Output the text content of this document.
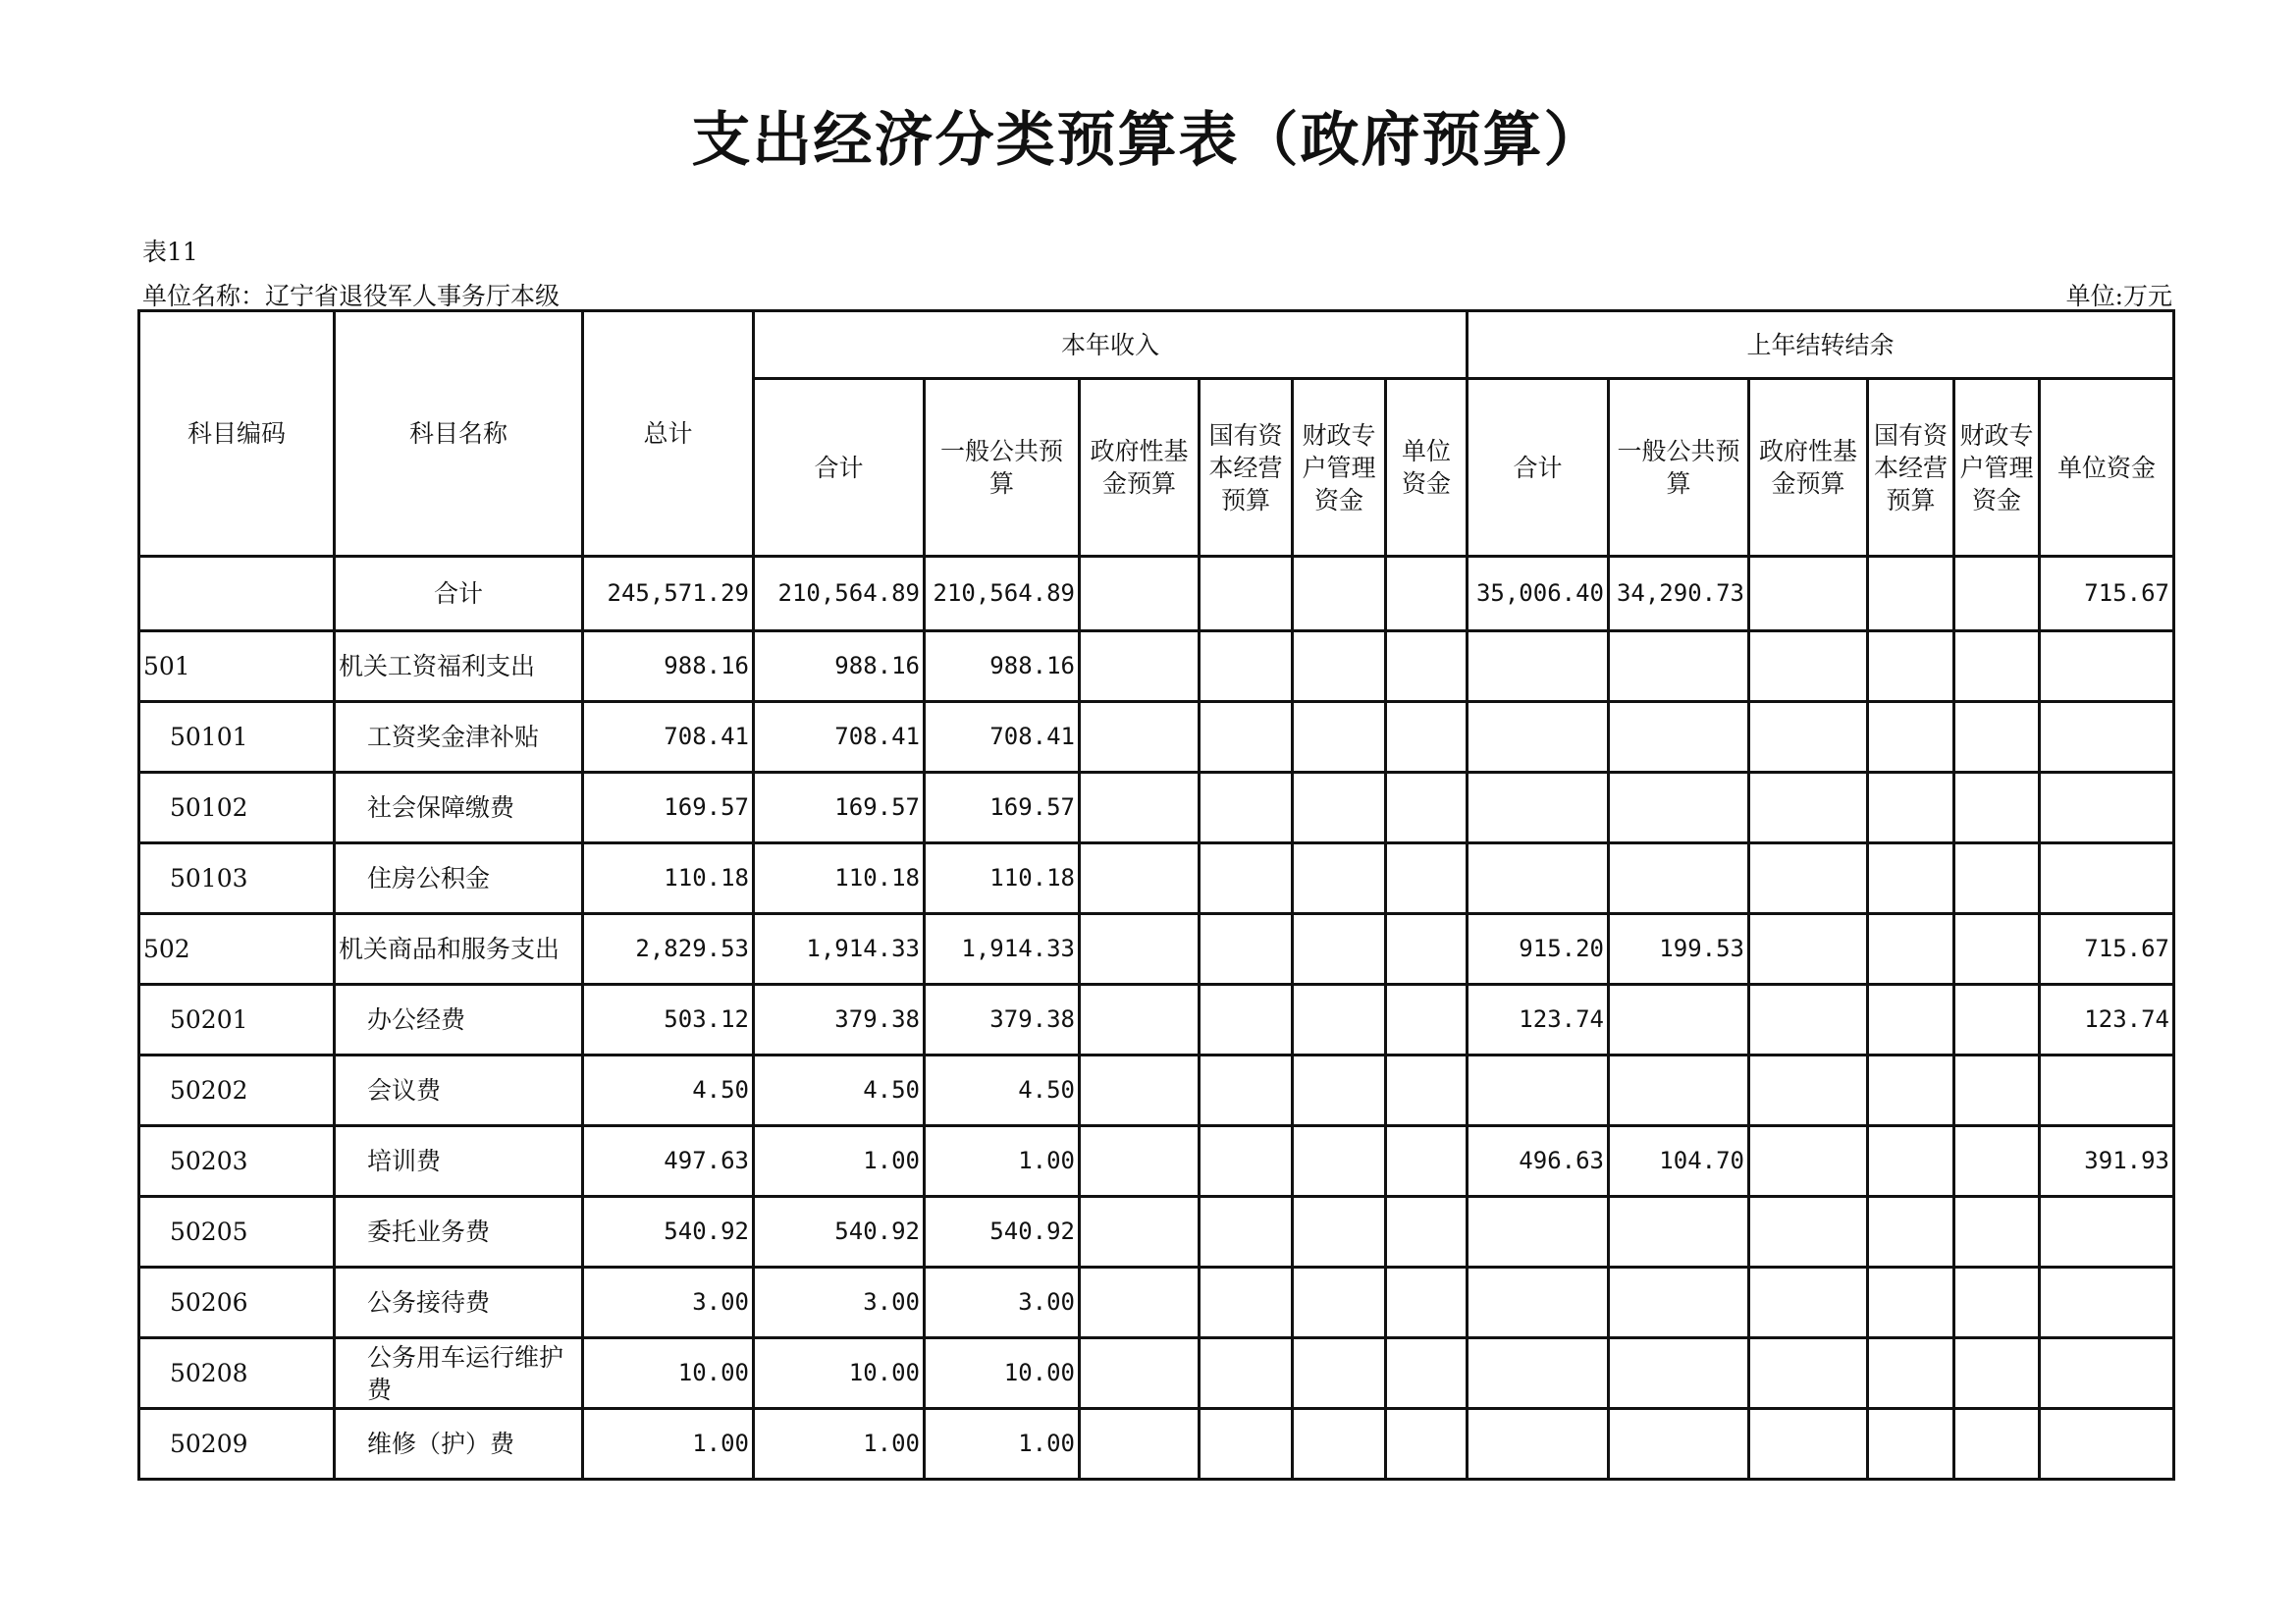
支出经济分类预算表（政府预算）
表11
单位名称：辽宁省退役军人事务厅本级	单位:万元
科目编码	科目名称	总计	本年收入						上年结转结余					
			合计	一般公共预算	政府性基金预算	国有资本经营预算	财政专户管理资金	单位资金	合计	一般公共预算	政府性基金预算	国有资本经营预算	财政专户管理资金	单位资金
	合计	245,571.29	210,564.89	210,564.89					35,006.40	34,290.73				715.67
501	机关工资福利支出	988.16	988.16	988.16										
50101	工资奖金津补贴	708.41	708.41	708.41										
50102	社会保障缴费	169.57	169.57	169.57										
50103	住房公积金	110.18	110.18	110.18										
502	机关商品和服务支出	2,829.53	1,914.33	1,914.33					915.20	199.53				715.67
50201	办公经费	503.12	379.38	379.38					123.74					123.74
50202	会议费	4.50	4.50	4.50										
50203	培训费	497.63	1.00	1.00					496.63	104.70				391.93
50205	委托业务费	540.92	540.92	540.92										
50206	公务接待费	3.00	3.00	3.00										
50208	公务用车运行维护费	10.00	10.00	10.00										
50209	维修（护）费	1.00	1.00	1.00										
